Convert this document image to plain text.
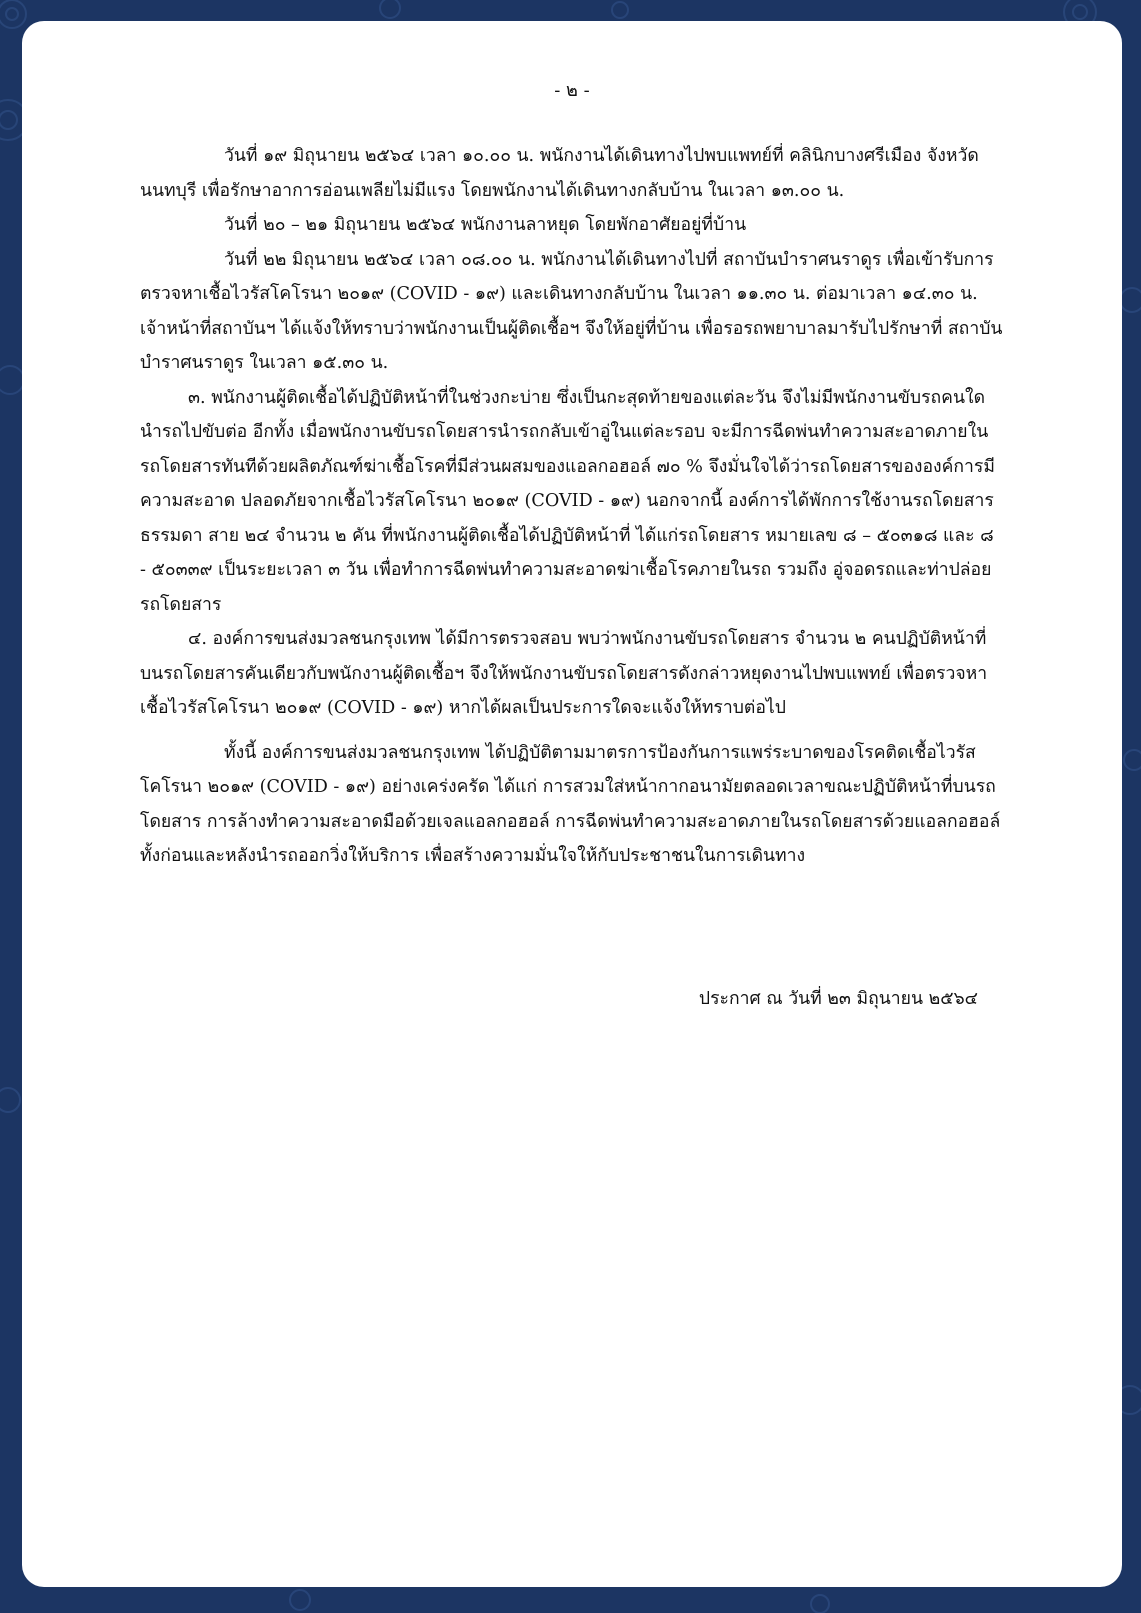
- ๒ -

วันที่ ๑๙ มิถุนายน ๒๕๖๔ เวลา ๑๐.๐๐ น. พนักงานได้เดินทางไปพบแพทย์ที่ คลินิกบางศรีเมือง จังหวัดนนทบุรี เพื่อรักษาอาการอ่อนเพลียไม่มีแรง โดยพนักงานได้เดินทางกลับบ้าน ในเวลา ๑๓.๐๐ น.

วันที่ ๒๐ – ๒๑ มิถุนายน ๒๕๖๔ พนักงานลาหยุด โดยพักอาศัยอยู่ที่บ้าน

วันที่ ๒๒ มิถุนายน ๒๕๖๔ เวลา ๐๘.๐๐ น. พนักงานได้เดินทางไปที่ สถาบันบำราศนราดูร เพื่อเข้ารับการตรวจหาเชื้อไวรัสโคโรนา ๒๐๑๙ (COVID - ๑๙) และเดินทางกลับบ้าน ในเวลา ๑๑.๓๐ น. ต่อมาเวลา ๑๔.๓๐ น. เจ้าหน้าที่สถาบันฯ ได้แจ้งให้ทราบว่าพนักงานเป็นผู้ติดเชื้อฯ จึงให้อยู่ที่บ้าน เพื่อรอรถพยาบาลมารับไปรักษาที่ สถาบันบำราศนราดูร ในเวลา ๑๕.๓๐ น.

๓. พนักงานผู้ติดเชื้อได้ปฏิบัติหน้าที่ในช่วงกะบ่าย ซึ่งเป็นกะสุดท้ายของแต่ละวัน จึงไม่มีพนักงานขับรถคนใดนำรถไปขับต่อ อีกทั้ง เมื่อพนักงานขับรถโดยสารนำรถกลับเข้าอู่ในแต่ละรอบ จะมีการฉีดพ่นทำความสะอาดภายในรถโดยสารทันทีด้วยผลิตภัณฑ์ฆ่าเชื้อโรคที่มีส่วนผสมของแอลกอฮอล์ ๗๐ % จึงมั่นใจได้ว่ารถโดยสารขององค์การมีความสะอาด ปลอดภัยจากเชื้อไวรัสโคโรนา ๒๐๑๙ (COVID - ๑๙) นอกจากนี้ องค์การได้พักการใช้งานรถโดยสารธรรมดา สาย ๒๔ จำนวน ๒ คัน ที่พนักงานผู้ติดเชื้อได้ปฏิบัติหน้าที่ ได้แก่รถโดยสาร หมายเลข ๘ – ๕๐๓๑๘ และ ๘ - ๕๐๓๓๙ เป็นระยะเวลา ๓ วัน เพื่อทำการฉีดพ่นทำความสะอาดฆ่าเชื้อโรคภายในรถ รวมถึง อู่จอดรถและท่าปล่อยรถโดยสาร

๔. องค์การขนส่งมวลชนกรุงเทพ ได้มีการตรวจสอบ พบว่าพนักงานขับรถโดยสาร จำนวน ๒ คนปฏิบัติหน้าที่บนรถโดยสารคันเดียวกับพนักงานผู้ติดเชื้อฯ จึงให้พนักงานขับรถโดยสารดังกล่าวหยุดงานไปพบแพทย์ เพื่อตรวจหาเชื้อไวรัสโคโรนา ๒๐๑๙ (COVID - ๑๙) หากได้ผลเป็นประการใดจะแจ้งให้ทราบต่อไป

ทั้งนี้ องค์การขนส่งมวลชนกรุงเทพ ได้ปฏิบัติตามมาตรการป้องกันการแพร่ระบาดของโรคติดเชื้อไวรัสโคโรนา ๒๐๑๙ (COVID - ๑๙) อย่างเคร่งครัด ได้แก่ การสวมใส่หน้ากากอนามัยตลอดเวลาขณะปฏิบัติหน้าที่บนรถโดยสาร การล้างทำความสะอาดมือด้วยเจลแอลกอฮอล์ การฉีดพ่นทำความสะอาดภายในรถโดยสารด้วยแอลกอฮอล์ ทั้งก่อนและหลังนำรถออกวิ่งให้บริการ เพื่อสร้างความมั่นใจให้กับประชาชนในการเดินทาง

ประกาศ ณ วันที่ ๒๓ มิถุนายน ๒๕๖๔
